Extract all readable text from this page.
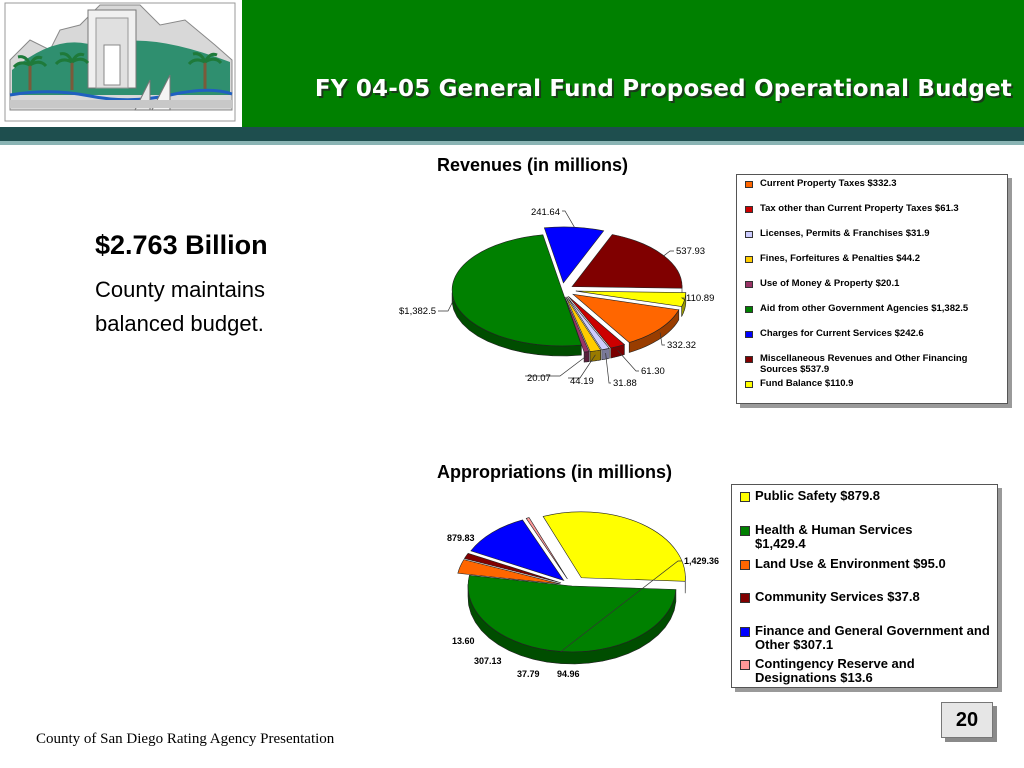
FY 04-05 General Fund Proposed Operational Budget
$2.763 Billion
County maintains balanced budget.
Revenues (in millions)
Appropriations (in millions)
Current Property Taxes $332.3
Tax other than Current Property Taxes $61.3
Licenses, Permits & Franchises $31.9
Fines, Forfeitures & Penalties $44.2
Use of Money & Property $20.1
Aid from other Government Agencies $1,382.5
Charges for Current Services $242.6
Miscellaneous Revenues and Other Financing Sources $537.9
Fund Balance $110.9
Public Safety $879.8
Health & Human Services $1,429.4
Land Use & Environment $95.0
Community Services $37.8
Finance and General Government and Other $307.1
Contingency Reserve and Designations $13.6
332.32
61.30
31.88
44.19
20.07
$1,382.5
241.64
537.93
110.89
879.83
1,429.36
94.96
37.79
307.13
13.60
20
County of San Diego Rating Agency Presentation
